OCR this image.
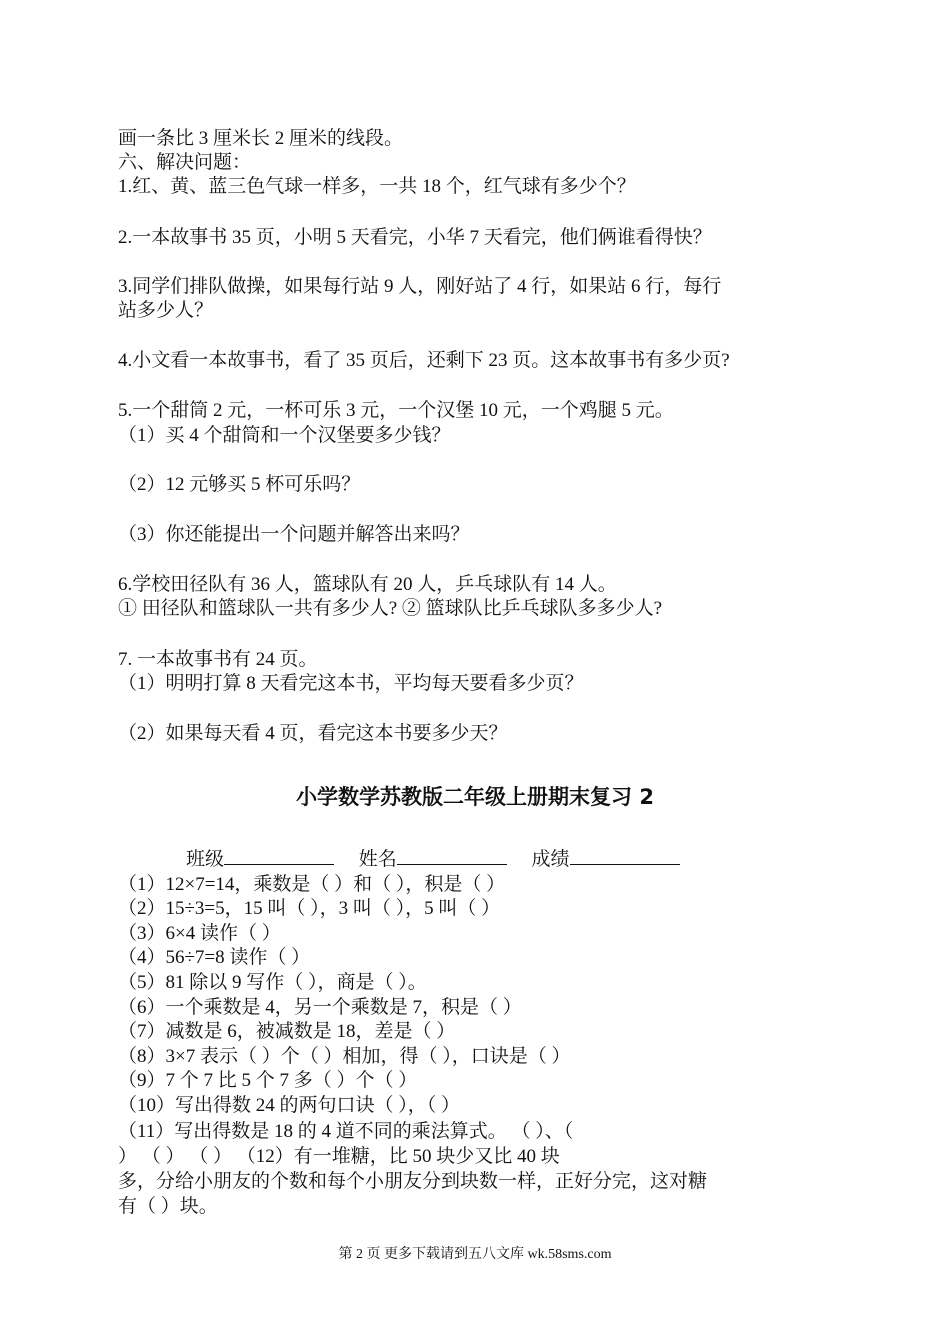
画一条比 3 厘米长 2 厘米的线段。
六、解决问题：
1.红、黄、蓝三色气球一样多，一共 18 个，红气球有多少个？
2.一本故事书 35 页，小明 5 天看完，小华 7 天看完，他们俩谁看得快？
3.同学们排队做操，如果每行站 9 人，刚好站了 4 行，如果站 6 行，每行
站多少人？
4.小文看一本故事书，看了 35 页后，还剩下 23 页。这本故事书有多少页?
5.一个甜筒 2 元，一杯可乐 3 元，一个汉堡 10 元，一个鸡腿 5 元。
（1）买 4 个甜筒和一个汉堡要多少钱？
（2）12 元够买 5 杯可乐吗？
（3）你还能提出一个问题并解答出来吗？
6.学校田径队有 36 人，篮球队有 20 人，乒乓球队有 14 人。
① 田径队和篮球队一共有多少人? ② 篮球队比乒乓球队多多少人?
7. 一本故事书有 24 页。
（1）明明打算 8 天看完这本书，平均每天要看多少页？
（2）如果每天看 4 页，看完这本书要多少天？
小学数学苏教版二年级上册期末复习 2
班级	姓名	成绩
（1）12×7=14，乘数是（ ）和（ ），积是（ ）
（2）15÷3=5，15 叫（ ），3 叫（ ），5 叫（ ）
（3）6×4 读作（ ）
（4）56÷7=8 读作（ ）
（5）81 除以 9 写作（ ），商是（ ）。
（6）一个乘数是 4，另一个乘数是 7，积是（ ）
（7）减数是 6，被减数是 18，差是（ ）
（8）3×7 表示（ ）个（ ）相加，得（ ），口诀是（ ）
（9）7 个 7 比 5 个 7 多（ ）个（ ）
（10）写出得数 24 的两句口诀（ ），（ ）
（11）写出得数是 18 的 4 道不同的乘法算式。 （ ）、（
） （ ） （ ） （12）有一堆糖，比 50 块少又比 40 块
多，分给小朋友的个数和每个小朋友分到块数一样，正好分完，这对糖
有（ ）块。
第 2 页 更多下载请到五八文库 wk.58sms.com
